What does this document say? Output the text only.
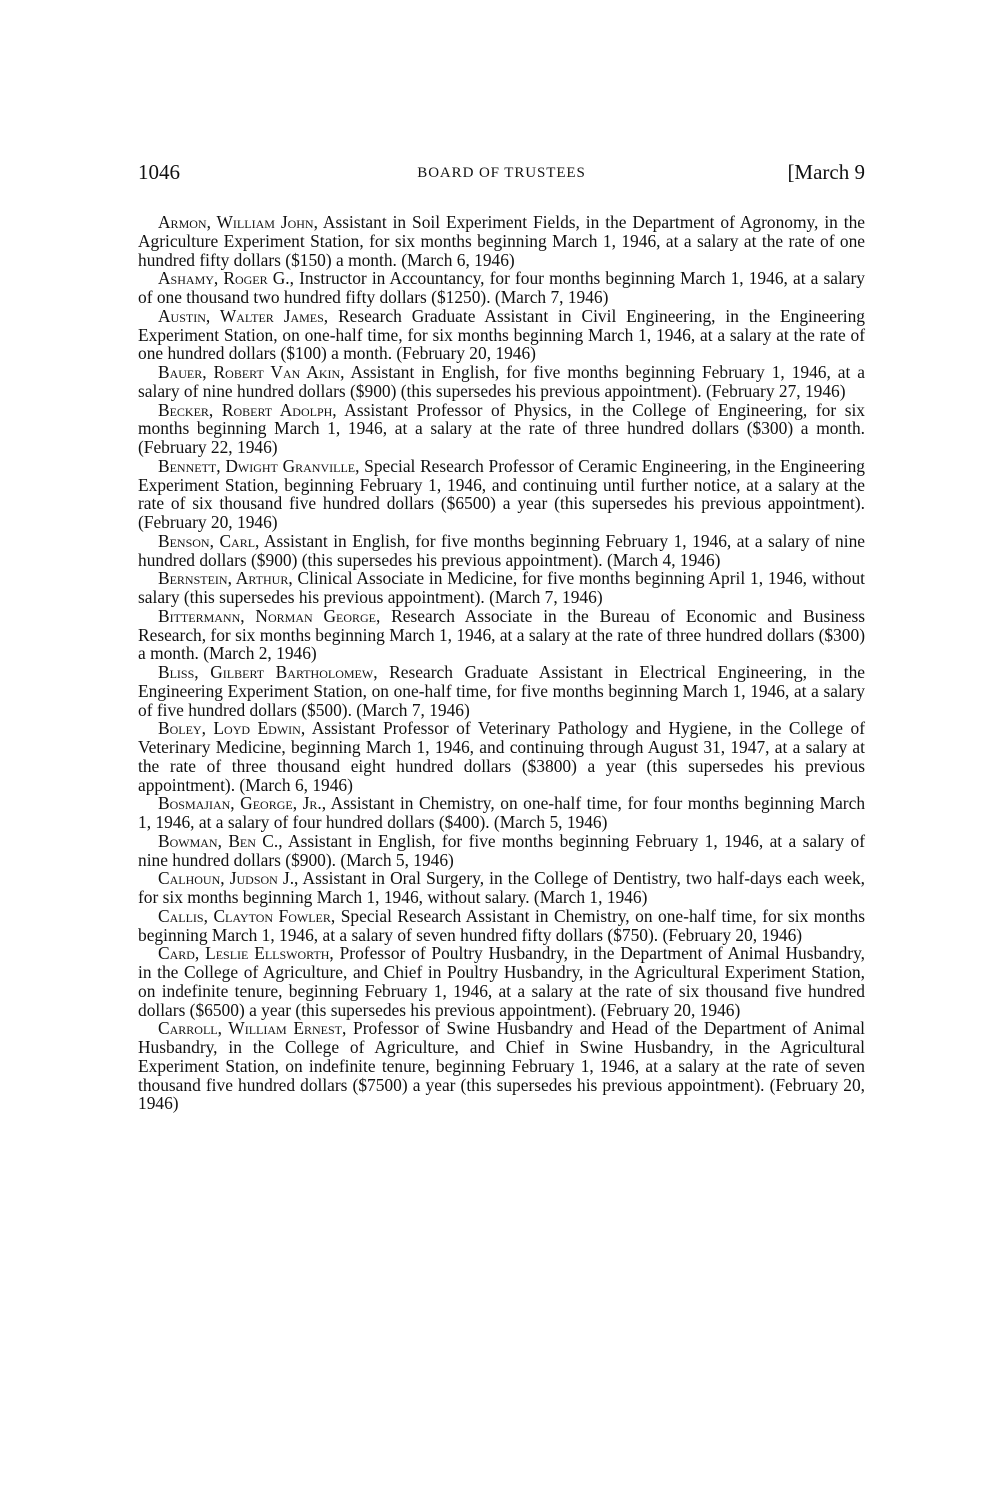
1046	BOARD OF TRUSTEES	[March 9

Armon, William John, Assistant in Soil Experiment Fields, in the Department of Agronomy, in the Agriculture Experiment Station, for six months beginning March 1, 1946, at a salary at the rate of one hundred fifty dollars ($150) a month. (March 6, 1946)

Ashamy, Roger G., Instructor in Accountancy, for four months beginning March 1, 1946, at a salary of one thousand two hundred fifty dollars ($1250). (March 7, 1946)

Austin, Walter James, Research Graduate Assistant in Civil Engineering, in the Engineering Experiment Station, on one-half time, for six months beginning March 1, 1946, at a salary at the rate of one hundred dollars ($100) a month. (February 20, 1946)

Bauer, Robert Van Akin, Assistant in English, for five months beginning February 1, 1946, at a salary of nine hundred dollars ($900) (this supersedes his previous appointment). (February 27, 1946)

Becker, Robert Adolph, Assistant Professor of Physics, in the College of Engineering, for six months beginning March 1, 1946, at a salary at the rate of three hundred dollars ($300) a month. (February 22, 1946)

Bennett, Dwight Granville, Special Research Professor of Ceramic Engineering, in the Engineering Experiment Station, beginning February 1, 1946, and continuing until further notice, at a salary at the rate of six thousand five hundred dollars ($6500) a year (this supersedes his previous appointment). (February 20, 1946)

Benson, Carl, Assistant in English, for five months beginning February 1, 1946, at a salary of nine hundred dollars ($900) (this supersedes his previous appointment). (March 4, 1946)

Bernstein, Arthur, Clinical Associate in Medicine, for five months beginning April 1, 1946, without salary (this supersedes his previous appointment). (March 7, 1946)

Bittermann, Norman George, Research Associate in the Bureau of Economic and Business Research, for six months beginning March 1, 1946, at a salary at the rate of three hundred dollars ($300) a month. (March 2, 1946)

Bliss, Gilbert Bartholomew, Research Graduate Assistant in Electrical Engineering, in the Engineering Experiment Station, on one-half time, for five months beginning March 1, 1946, at a salary of five hundred dollars ($500). (March 7, 1946)

Boley, Loyd Edwin, Assistant Professor of Veterinary Pathology and Hygiene, in the College of Veterinary Medicine, beginning March 1, 1946, and continuing through August 31, 1947, at a salary at the rate of three thousand eight hundred dollars ($3800) a year (this supersedes his previous appointment). (March 6, 1946)

Bosmajian, George, Jr., Assistant in Chemistry, on one-half time, for four months beginning March 1, 1946, at a salary of four hundred dollars ($400). (March 5, 1946)

Bowman, Ben C., Assistant in English, for five months beginning February 1, 1946, at a salary of nine hundred dollars ($900). (March 5, 1946)

Calhoun, Judson J., Assistant in Oral Surgery, in the College of Dentistry, two half-days each week, for six months beginning March 1, 1946, without salary. (March 1, 1946)

Callis, Clayton Fowler, Special Research Assistant in Chemistry, on one-half time, for six months beginning March 1, 1946, at a salary of seven hundred fifty dollars ($750). (February 20, 1946)

Card, Leslie Ellsworth, Professor of Poultry Husbandry, in the Department of Animal Husbandry, in the College of Agriculture, and Chief in Poultry Husbandry, in the Agricultural Experiment Station, on indefinite tenure, beginning February 1, 1946, at a salary at the rate of six thousand five hundred dollars ($6500) a year (this supersedes his previous appointment). (February 20, 1946)

Carroll, William Ernest, Professor of Swine Husbandry and Head of the Department of Animal Husbandry, in the College of Agriculture, and Chief in Swine Husbandry, in the Agricultural Experiment Station, on indefinite tenure, beginning February 1, 1946, at a salary at the rate of seven thousand five hundred dollars ($7500) a year (this supersedes his previous appointment). (February 20, 1946)
